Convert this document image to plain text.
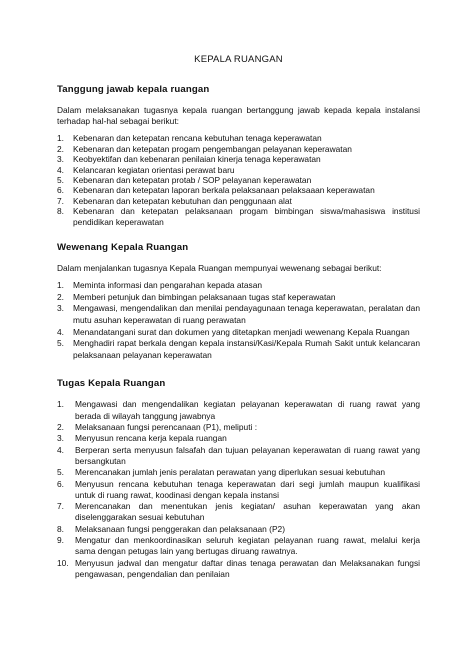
KEPALA RUANGAN
Tanggung jawab kepala ruangan
Dalam melaksanakan tugasnya kepala ruangan bertanggung jawab kepada kepala instalansi terhadap hal-hal sebagai berikut:
1.	Kebenaran dan ketepatan rencana kebutuhan tenaga keperawatan
2.	Kebenaran dan ketepatan progam pengembangan pelayanan keperawatan
3.	Keobyektifan dan kebenaran penilaian kinerja tenaga keperawatan
4.	Kelancaran kegiatan orientasi perawat baru
5.	Kebenaran dan ketepatan protab / SOP pelayanan keperawatan
6.	Kebenaran dan ketepatan laporan berkala pelaksanaan pelaksaaan keperawatan
7.	Kebenaran dan ketepatan kebutuhan dan penggunaan alat
8.	Kebenaran dan ketepatan pelaksanaan progam bimbingan siswa/mahasiswa institusi pendidikan keperawatan
Wewenang Kepala Ruangan
Dalam menjalankan tugasnya Kepala Ruangan mempunyai wewenang sebagai berikut:
1.	Meminta informasi dan pengarahan kepada atasan
2.	Memberi petunjuk dan bimbingan pelaksanaan tugas staf keperawatan
3.	Mengawasi, mengendalikan dan menilai pendayagunaan tenaga keperawatan, peralatan dan mutu asuhan keperawatan di ruang perawatan
4.	Menandatangani surat dan dokumen yang ditetapkan menjadi wewenang Kepala Ruangan
5.	Menghadiri rapat berkala dengan kepala instansi/Kasi/Kepala Rumah Sakit untuk kelancaran pelaksanaan pelayanan keperawatan
Tugas Kepala Ruangan
1.	Mengawasi dan mengendalikan kegiatan pelayanan keperawatan di ruang rawat yang berada di wilayah tanggung jawabnya
2.	Melaksanaan fungsi perencanaan (P1), meliputi :
3.	Menyusun rencana kerja kepala ruangan
4.	Berperan serta menyusun falsafah dan tujuan pelayanan keperawatan di ruang rawat yang bersangkutan
5.	Merencanakan jumlah jenis peralatan perawatan yang diperlukan sesuai kebutuhan
6.	Menyusun rencana kebutuhan tenaga keperawatan dari segi jumlah maupun kualifikasi untuk di ruang rawat, koodinasi dengan kepala instansi
7.	Merencanakan dan menentukan jenis kegiatan/ asuhan keperawatan yang akan diselenggarakan sesuai kebutuhan
8.	Melaksanaan fungsi penggerakan dan pelaksanaan (P2)
9.	Mengatur dan menkoordinasikan seluruh kegiatan pelayanan ruang rawat, melalui kerja sama dengan petugas lain yang bertugas diruang rawatnya.
10. Menyusun jadwal dan mengatur daftar dinas tenaga perawatan dan Melaksanakan fungsi pengawasan, pengendalian dan penilaian
